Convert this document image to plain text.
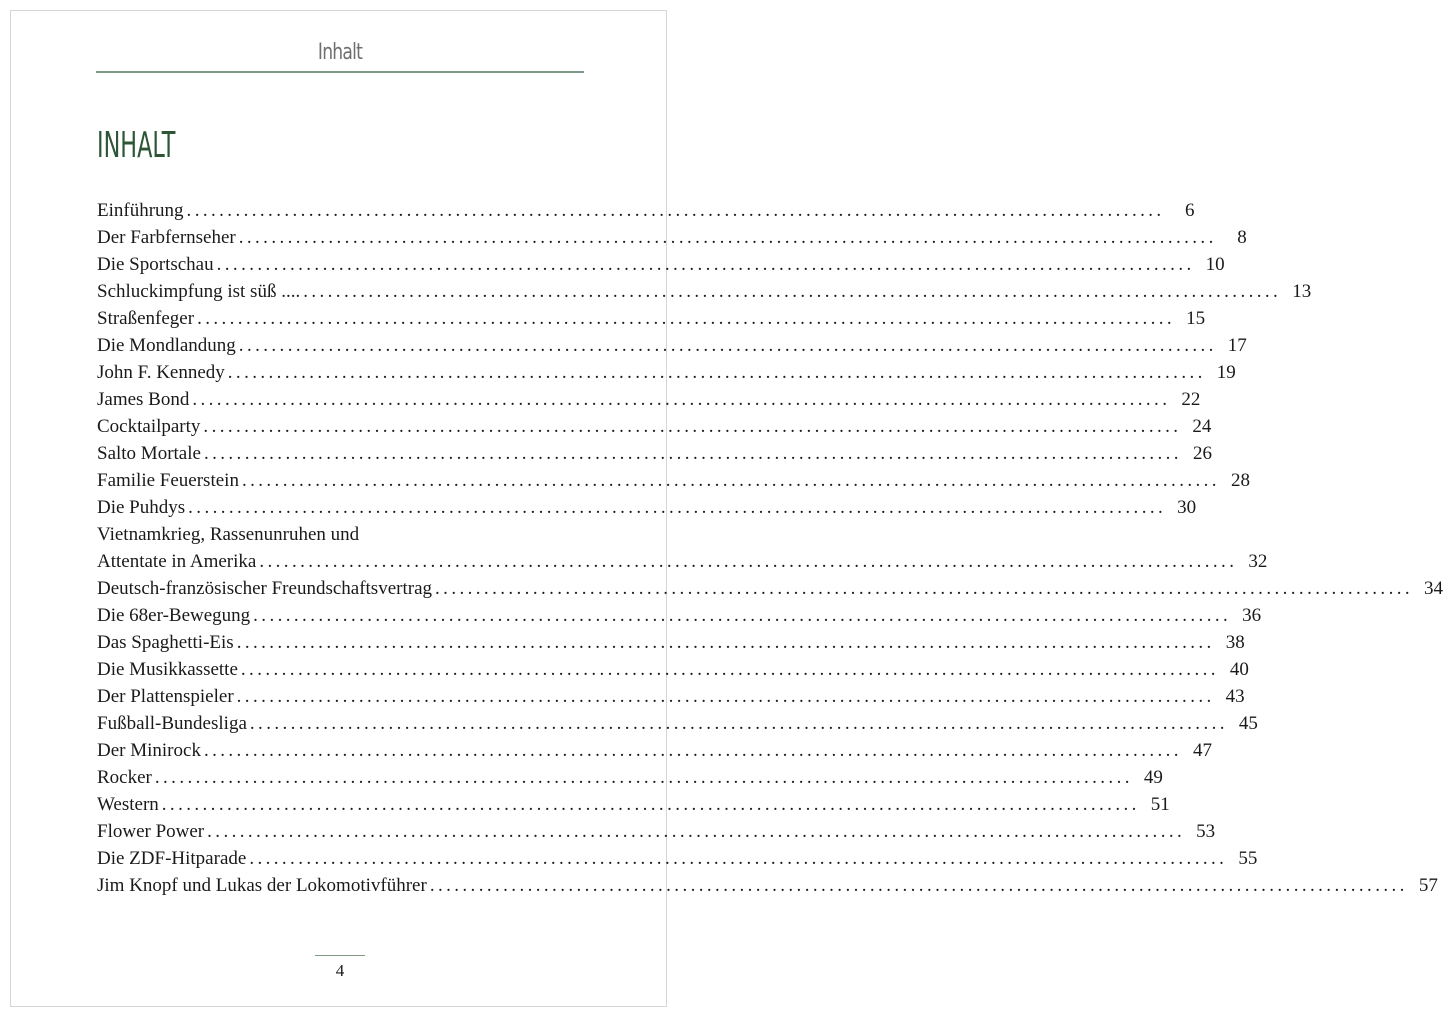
Inhalt
INHALT
Einführung ........................................................................................................................	6
Der Farbfernseher ........................................................................................................................	8
Die Sportschau ........................................................................................................................ 10
Schluckimpfung ist süß .... ........................................................................................................................ 13
Straßenfeger ........................................................................................................................ 15
Die Mondlandung ........................................................................................................................ 17
John F. Kennedy ........................................................................................................................ 19
James Bond ........................................................................................................................ 22
Cocktailparty ........................................................................................................................ 24
Salto Mortale ........................................................................................................................ 26
Familie Feuerstein ........................................................................................................................ 28
Die Puhdys ........................................................................................................................ 30
Vietnamkrieg, Rassenunruhen und
Attentate in Amerika ........................................................................................................................ 32
Deutsch-französischer Freundschaftsvertrag ........................................................................................................................ 34
Die 68er-Bewegung ........................................................................................................................ 36
Das Spaghetti-Eis ........................................................................................................................ 38
Die Musikkassette ........................................................................................................................ 40
Der Plattenspieler ........................................................................................................................ 43
Fußball-Bundesliga ........................................................................................................................ 45
Der Minirock ........................................................................................................................ 47
Rocker ........................................................................................................................ 49
Western ........................................................................................................................ 51
Flower Power ........................................................................................................................ 53
Die ZDF-Hitparade ........................................................................................................................ 55
Jim Knopf und Lukas der Lokomotivführer ........................................................................................................................ 57
4
